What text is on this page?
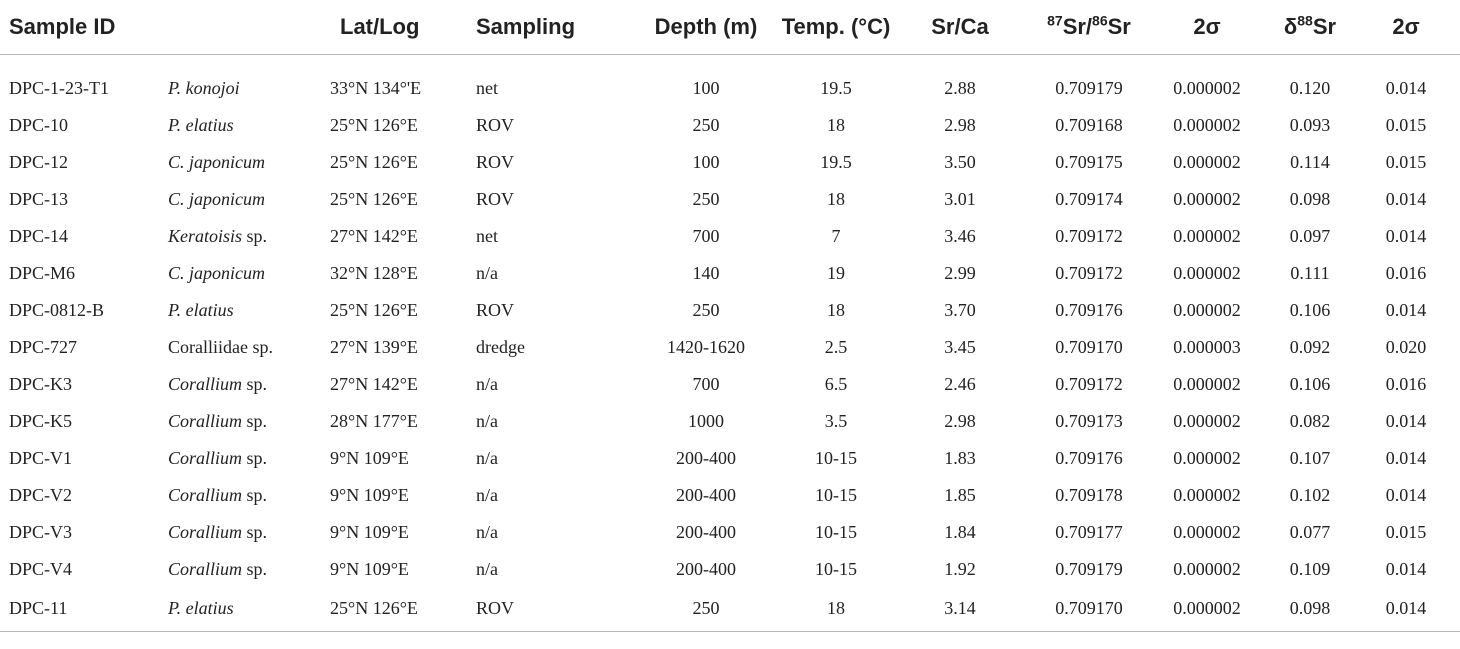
Sample ID		Lat/Log	Sampling	Depth (m)	Temp. (°C)	Sr/Ca	$^{87}$Sr/$^{86}$Sr	2σ	$\delta^{88}Sr$	2σ
DPC-1-23-T1	P. konojoi	33°N 134°'E	net	100	19.5	2.88	0.709179	0.000002	0.120	0.014
DPC-10	P. elatius	25°N 126°E	ROV	250	18	2.98	0.709168	0.000002	0.093	0.015
DPC-12	C. japonicum	25°N 126°E	ROV	100	19.5	3.50	0.709175	0.000002	0.114	0.015
DPC-13	C. japonicum	25°N 126°E	ROV	250	18	3.01	0.709174	0.000002	0.098	0.014
DPC-14	Keratoisis sp.	27°N 142°E	net	700	7	3.46	0.709172	0.000002	0.097	0.014
DPC-M6	C. japonicum	32°N 128°E	n/a	140	19	2.99	0.709172	0.000002	0.111	0.016
DPC-0812-B	P. elatius	25°N 126°E	ROV	250	18	3.70	0.709176	0.000002	0.106	0.014
DPC-727	Coralliidae sp.	27°N 139°E	dredge	1420-1620	2.5	3.45	0.709170	0.000003	0.092	0.020
DPC-K3	Corallium sp.	27°N 142°E	n/a	700	6.5	2.46	0.709172	0.000002	0.106	0.016
DPC-K5	Corallium sp.	28°N 177°E	n/a	1000	3.5	2.98	0.709173	0.000002	0.082	0.014
DPC-V1	Corallium sp.	9°N 109°E	n/a	200-400	10-15	1.83	0.709176	0.000002	0.107	0.014
DPC-V2	Corallium sp.	9°N 109°E	n/a	200-400	10-15	1.85	0.709178	0.000002	0.102	0.014
DPC-V3	Corallium sp.	9°N 109°E	n/a	200-400	10-15	1.84	0.709177	0.000002	0.077	0.015
DPC-V4	Corallium sp.	9°N 109°E	n/a	200-400	10-15	1.92	0.709179	0.000002	0.109	0.014
DPC-11	P. elatius	25°N 126°E	ROV	250	18	3.14	0.709170	0.000002	0.098	0.014
